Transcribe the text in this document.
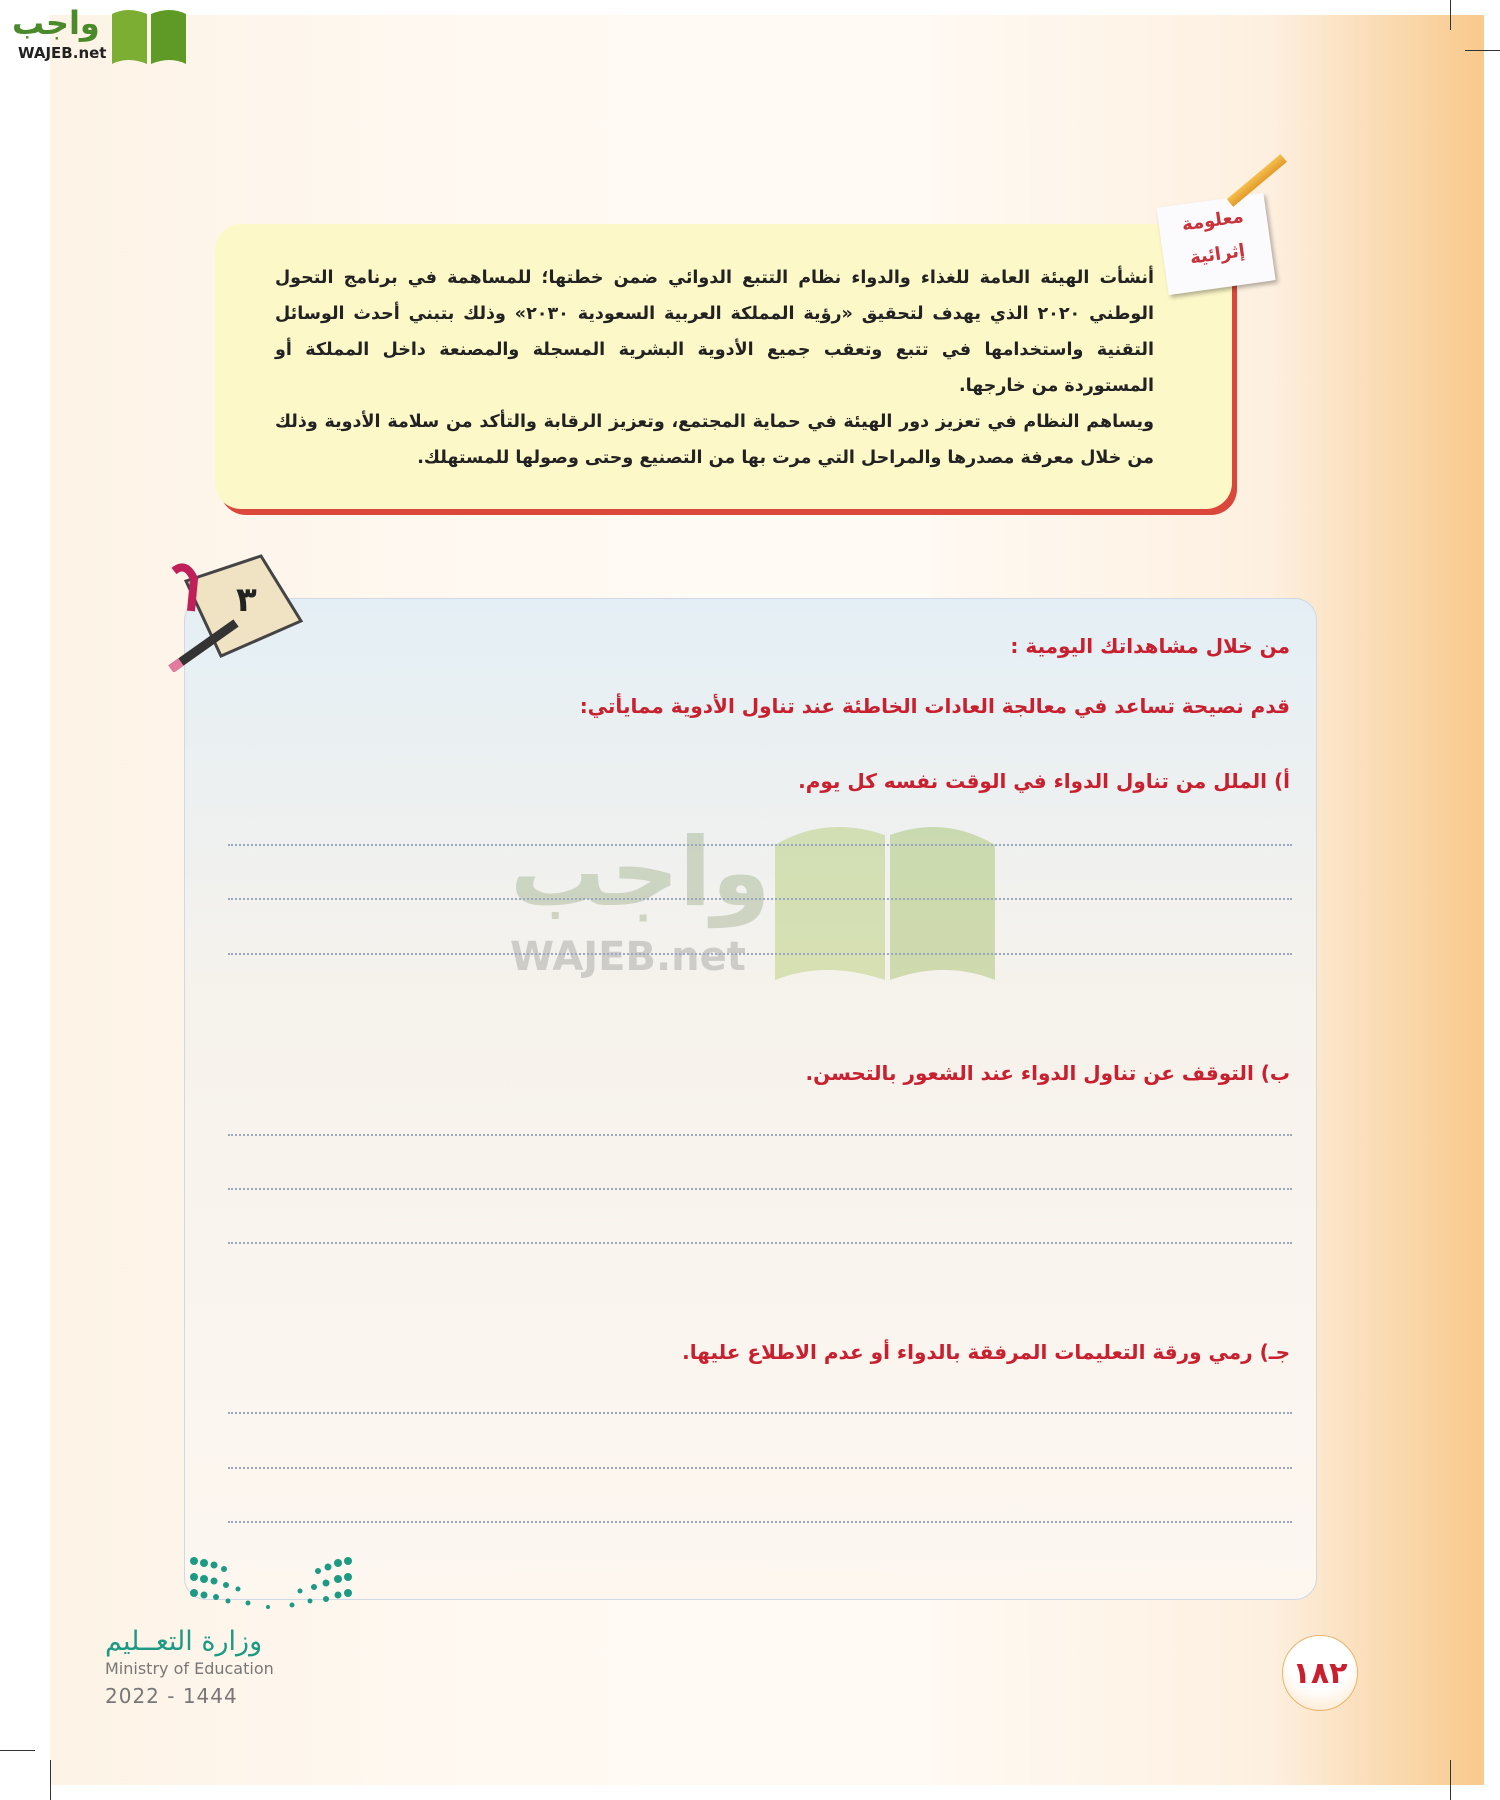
واجب
WAJEB.net

أنشأت الهيئة العامة للغذاء والدواء نظام التتبع الدوائي ضمن خطتها؛ للمساهمة في برنامج التحول الوطني ٢٠٢٠ الذي يهدف لتحقيق «رؤية المملكة العربية السعودية ٢٠٣٠» وذلك بتبني أحدث الوسائل التقنية واستخدامها في تتبع وتعقب جميع الأدوية البشرية المسجلة والمصنعة داخل المملكة أو المستوردة من خارجها.

ويساهم النظام في تعزيز دور الهيئة في حماية المجتمع، وتعزيز الرقابة والتأكد من سلامة الأدوية وذلك من خلال معرفة مصدرها والمراحل التي مرت بها من التصنيع وحتى وصولها للمستهلك.

معلومة
إثرائية
واجب
WAJEB.net
٣
من خلال مشاهداتك اليومية :
قدم نصيحة تساعد في معالجة العادات الخاطئة عند تناول الأدوية ممايأتي:
أ) الملل من تناول الدواء في الوقت نفسه كل يوم.
ب) التوقف عن تناول الدواء عند الشعور بالتحسن.
جـ) رمي ورقة التعليمات المرفقة بالدواء أو عدم الاطلاع عليها.
وزارة التعــليم
Ministry of Education
2022 - 1444
١٨٢
